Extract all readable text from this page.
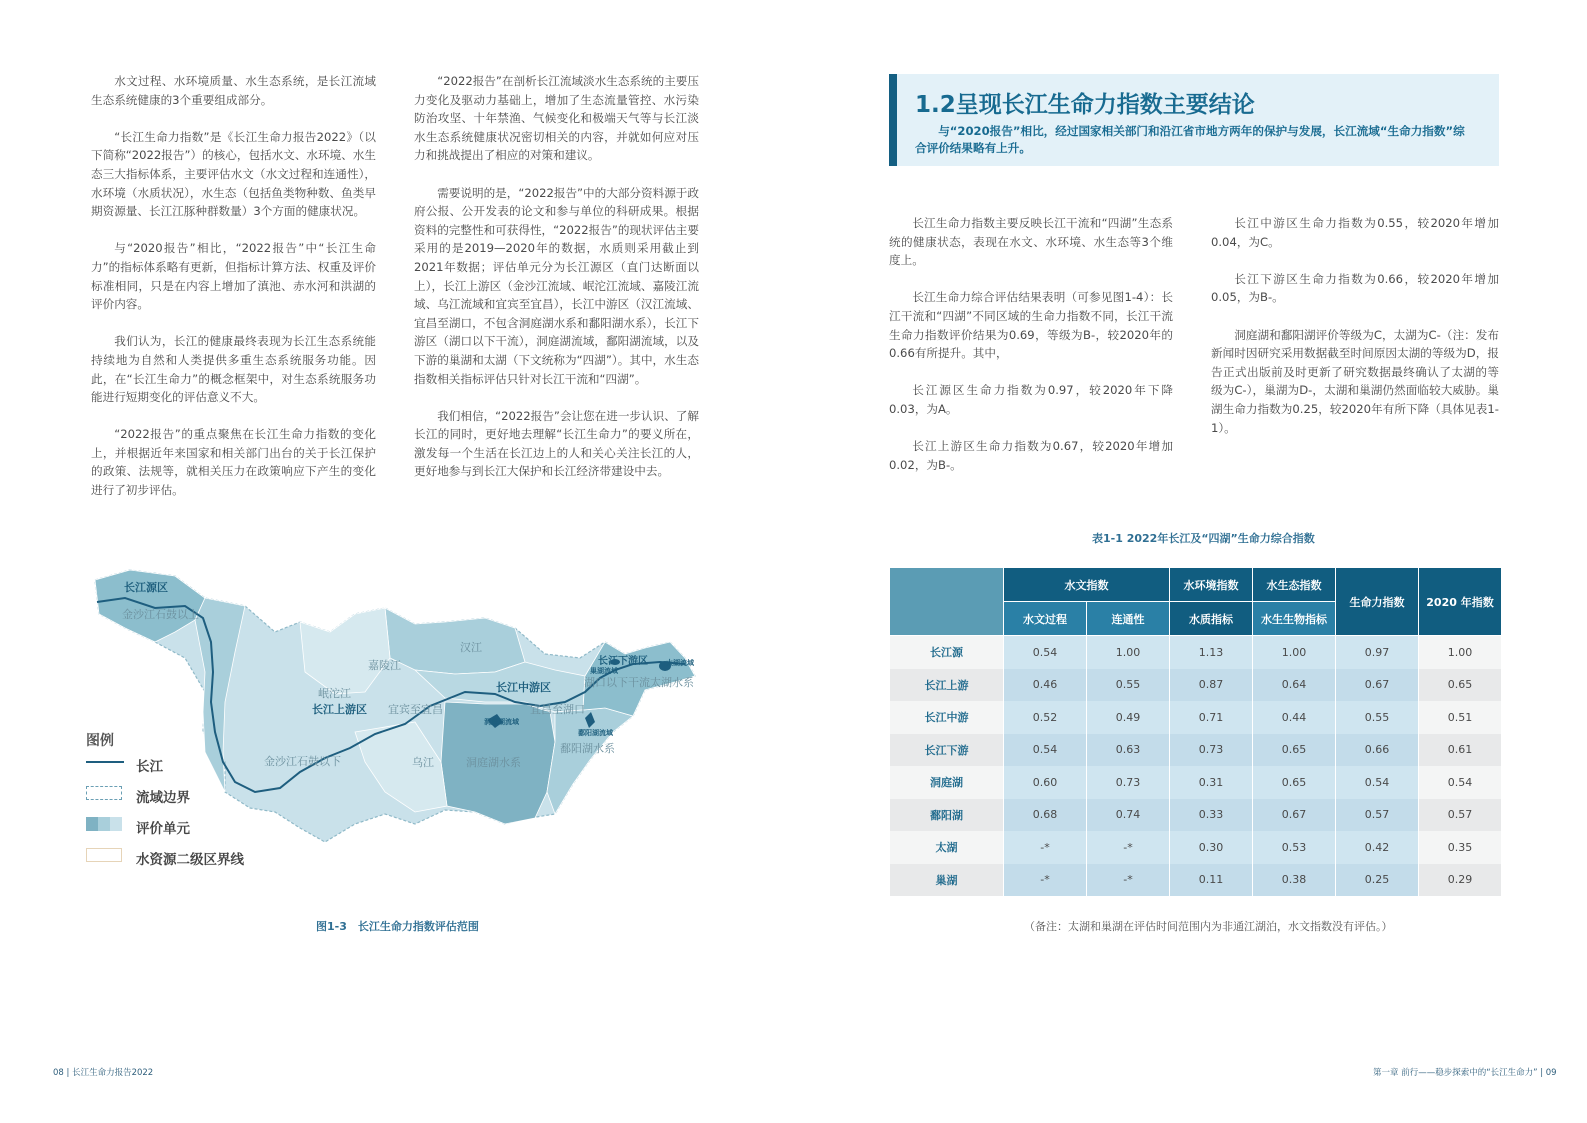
水文过程、水环境质量、水生态系统，是长江流域生态系统健康的3个重要组成部分。

“长江生命力指数”是《长江生命力报告2022》（以下简称“2022报告”）的核心，包括水文、水环境、水生态三大指标体系，主要评估水文（水文过程和连通性），水环境（水质状况），水生态（包括鱼类物种数、鱼类早期资源量、长江江豚种群数量）3个方面的健康状况。

与“2020报告”相比，“2022报告”中“长江生命力”的指标体系略有更新，但指标计算方法、权重及评价标准相同，只是在内容上增加了滇池、赤水河和洪湖的评价内容。

我们认为，长江的健康最终表现为长江生态系统能持续地为自然和人类提供多重生态系统服务功能。因此，在“长江生命力”的概念框架中，对生态系统服务功能进行短期变化的评估意义不大。

“2022报告”的重点聚焦在长江生命力指数的变化上，并根据近年来国家和相关部门出台的关于长江保护的政策、法规等，就相关压力在政策响应下产生的变化进行了初步评估。

“2022报告”在剖析长江流域淡水生态系统的主要压力变化及驱动力基础上，增加了生态流量管控、水污染防治攻坚、十年禁渔、气候变化和极端天气等与长江淡水生态系统健康状况密切相关的内容，并就如何应对压力和挑战提出了相应的对策和建议。

需要说明的是，“2022报告”中的大部分资料源于政府公报、公开发表的论文和参与单位的科研成果。根据资料的完整性和可获得性，“2022报告”的现状评估主要采用的是2019—2020年的数据，水质则采用截止到2021年数据；评估单元分为长江源区（直门达断面以上），长江上游区（金沙江流域、岷沱江流域、嘉陵江流域、乌江流域和宜宾至宜昌），长江中游区（汉江流域、宜昌至湖口，不包含洞庭湖水系和鄱阳湖水系），长江下游区（湖口以下干流），洞庭湖流域，鄱阳湖流域，以及下游的巢湖和太湖（下文统称为“四湖”）。其中，水生态指数相关指标评估只针对长江干流和“四湖”。

我们相信，“2022报告”会让您在进一步认识、了解长江的同时，更好地去理解“长江生命力”的要义所在，激发每一个生活在长江边上的人和关心关注长江的人，更好地参与到长江大保护和长江经济带建设中去。

长江源区
金沙江石鼓以上
嘉陵江
汉江
岷沱江
长江上游区 宜宾至宜昌
长江中游区
宜昌至湖口
湖口以下干流
长江下游区
巢湖流域
太湖流域
太湖水系
金沙江石鼓以下	乌江	洞庭湖水系
洞庭湖流域
鄱阳湖流域
鄱阳湖水系
图例
长江
流域边界
评价单元
水资源二级区界线
图1-3　长江生命力指数评估范围
08 | 长江生命力报告2022
1.2呈现长江生命力指数主要结论
与“2020报告”相比，经过国家相关部门和沿江省市地方两年的保护与发展，长江流域“生命力指数”综合评价结果略有上升。

长江生命力指数主要反映长江干流和“四湖”生态系统的健康状态，表现在水文、水环境、水生态等3个维度上。

长江生命力综合评估结果表明（可参见图1-4）：长江干流和“四湖”不同区域的生命力指数不同，长江干流生命力指数评价结果为0.69，等级为B-，较2020年的0.66有所提升。其中，

长江源区生命力指数为0.97，较2020年下降0.03，为A。

长江上游区生命力指数为0.67，较2020年增加0.02，为B-。

长江中游区生命力指数为0.55，较2020年增加0.04，为C。

长江下游区生命力指数为0.66，较2020年增加0.05，为B-。

洞庭湖和鄱阳湖评价等级为C，太湖为C-（注：发布新闻时因研究采用数据截至时间原因太湖的等级为D，报告正式出版前及时更新了研究数据最终确认了太湖的等级为C-），巢湖为D-，太湖和巢湖仍然面临较大威胁。巢湖生命力指数为0.25，较2020年有所下降（具体见表1-1）。

表1-1 2022年长江及“四湖”生命力综合指数
	水文指数		水环境指数	水生态指数	生命力指数	2020 年指数
	水文过程	连通性	水质指标	水生生物指标		
长江源	0.54	1.00	1.13	1.00	0.97	1.00
长江上游	0.46	0.55	0.87	0.64	0.67	0.65
长江中游	0.52	0.49	0.71	0.44	0.55	0.51
长江下游	0.54	0.63	0.73	0.65	0.66	0.61
洞庭湖	0.60	0.73	0.31	0.65	0.54	0.54
鄱阳湖	0.68	0.74	0.33	0.67	0.57	0.57
太湖	-*	-*	0.30	0.53	0.42	0.35
巢湖	-*	-*	0.11	0.38	0.25	0.29
（备注：太湖和巢湖在评估时间范围内为非通江湖泊，水文指数没有评估。）
第一章 前行——稳步探索中的“长江生命力” | 09
